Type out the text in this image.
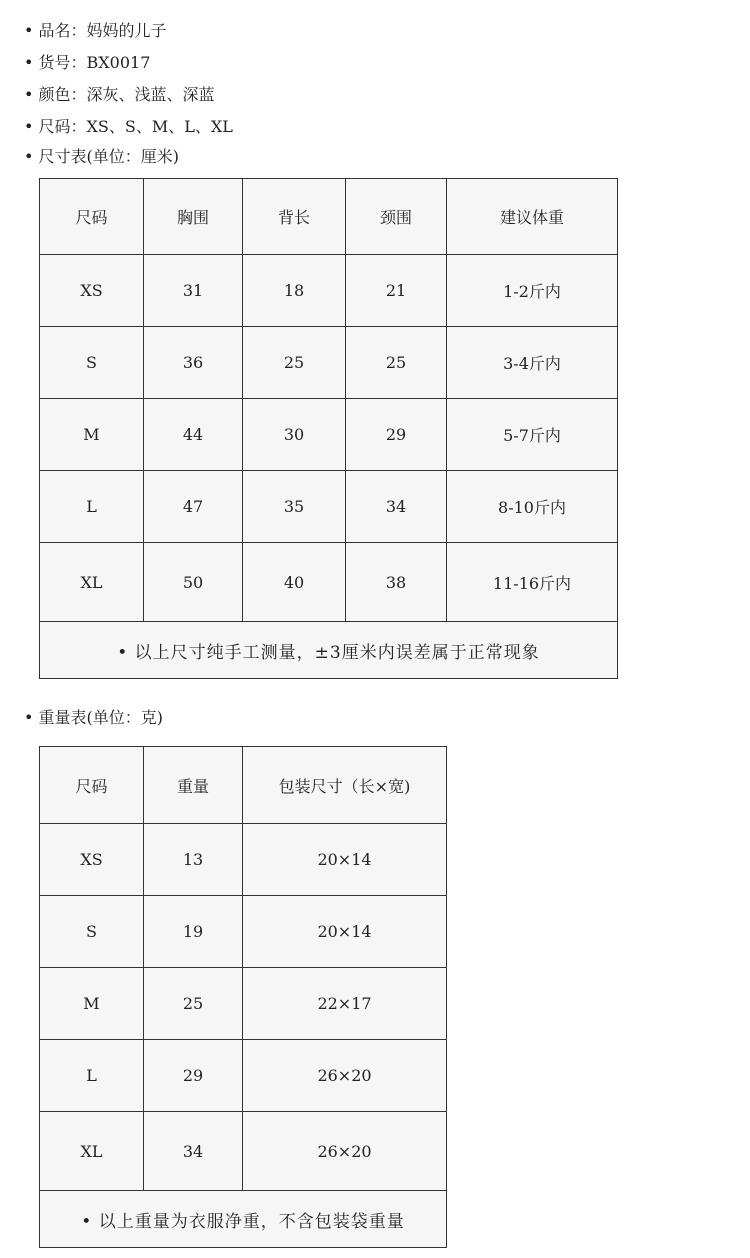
• 品名：妈妈的儿子
• 货号：BX0017
• 颜色：深灰、浅蓝、深蓝
• 尺码：XS、S、M、L、XL
• 尺寸表(单位：厘米)
尺码	胸围	背长	颈围	建议体重
XS	31	18	21	1-2斤内
S	36	25	25	3-4斤内
M	44	30	29	5-7斤内
L	47	35	34	8-10斤内
XL	50	40	38	11-16斤内
• 以上尺寸纯手工测量，±3厘米内误差属于正常现象				
• 重量表(单位：克)
尺码	重量	包装尺寸（长×宽)
XS	13	20×14
S	19	20×14
M	25	22×17
L	29	26×20
XL	34	26×20
• 以上重量为衣服净重，不含包装袋重量		
